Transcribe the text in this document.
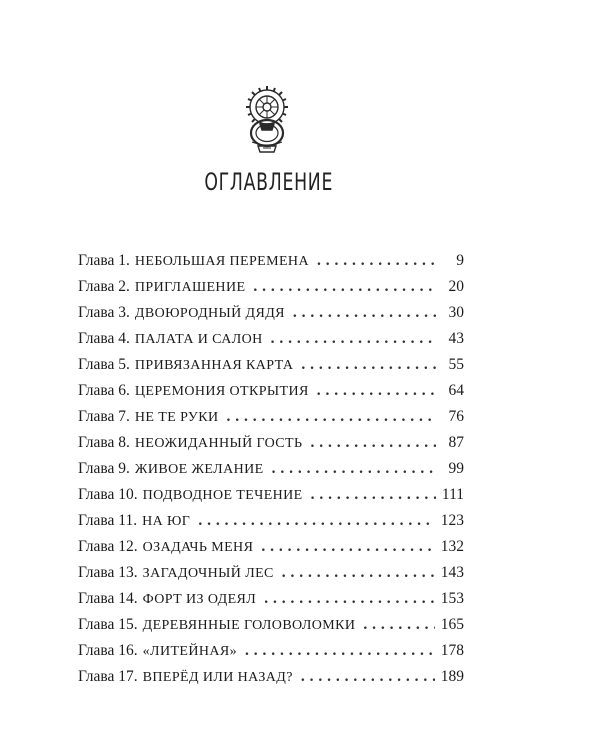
ОГЛАВЛЕНИЕ
Глава 1. НЕБОЛЬШАЯ ПЕРЕМЕНА . . .	9
Глава 2. ПРИГЛАШЕНИЕ . . .	20
Глава 3. ДВОЮРОДНЫЙ ДЯДЯ . . .	30
Глава 4. ПАЛАТА И САЛОН . . .	43
Глава 5. ПРИВЯЗАННАЯ КАРТА . . .	55
Глава 6. ЦЕРЕМОНИЯ ОТКРЫТИЯ . . .	64
Глава 7. НЕ ТЕ РУКИ . . .	76
Глава 8. НЕОЖИДАННЫЙ ГОСТЬ . . .	87
Глава 9. ЖИВОЕ ЖЕЛАНИЕ . . .	99
Глава 10. ПОДВОДНОЕ ТЕЧЕНИЕ . . .	111
Глава 11. НА ЮГ . . .	123
Глава 12. ОЗАДАЧЬ МЕНЯ . . .	132
Глава 13. ЗАГАДОЧНЫЙ ЛЕС . . .	143
Глава 14. ФОРТ ИЗ ОДЕЯЛ . . .	153
Глава 15. ДЕРЕВЯННЫЕ ГОЛОВОЛОМКИ . . .	165
Глава 16. «ЛИТЕЙНАЯ» . . .	178
Глава 17. ВПЕРЁД ИЛИ НАЗАД? . . .	189
